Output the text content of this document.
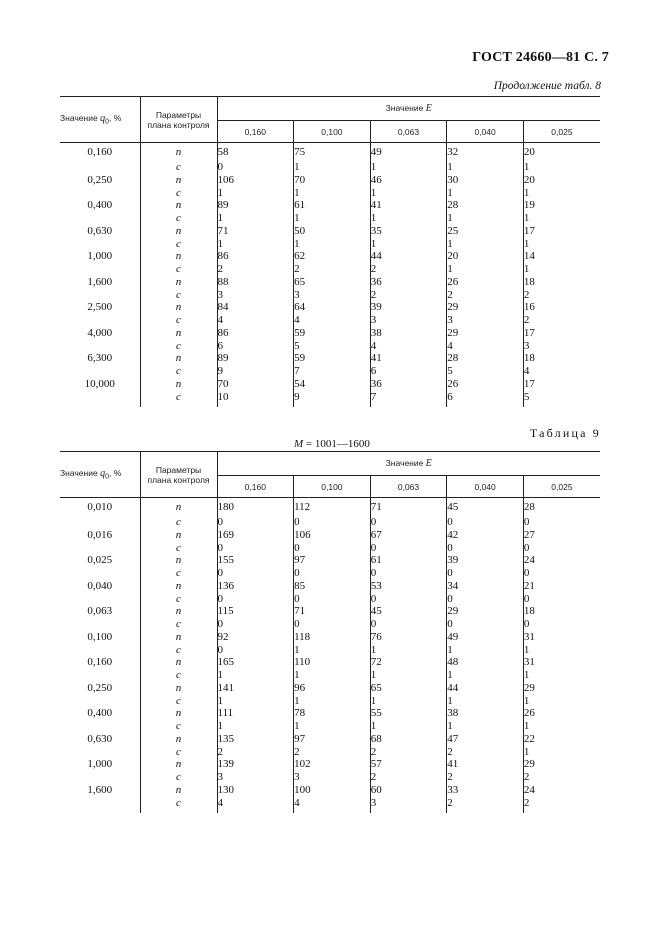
ГОСТ 24660—81 С. 7
Продолжение табл. 8
Значение $q_0$, %	Параметры
плана контроля	Значение E				
		0,160	0,100	0,063	0,040	0,025
0,160	n	58	75	49	32	20
	c	0	1	1	1	1
0,250	n	106	70	46	30	20
	c	1	1	1	1	1
0,400	n	89	61	41	28	19
	c	1	1	1	1	1
0,630	n	71	50	35	25	17
	c	1	1	1	1	1
1,000	n	86	62	44	20	14
	c	2	2	2	1	1
1,600	n	88	65	36	26	18
	c	3	3	2	2	2
2,500	n	84	64	39	29	16
	c	4	4	3	3	2
4,000	n	86	59	38	29	17
	c	6	5	4	4	3
6,300	n	89	59	41	28	18
	c	9	7	6	5	4
10,000	n	70	54	36	26	17
	c	10	9	7	6	5
Таблица 9
M = 1001—1600
Значение $q_0$, %	Параметры
плана контроля	Значение E				
		0,160	0,100	0,063	0,040	0,025
0,010	n	180	112	71	45	28
	c	0	0	0	0	0
0,016	n	169	106	67	42	27
	c	0	0	0	0	0
0,025	n	155	97	61	39	24
	c	0	0	0	0	0
0,040	n	136	85	53	34	21
	c	0	0	0	0	0
0,063	n	115	71	45	29	18
	c	0	0	0	0	0
0,100	n	92	118	76	49	31
	c	0	1	1	1	1
0,160	n	165	110	72	48	31
	c	1	1	1	1	1
0,250	n	141	96	65	44	29
	c	1	1	1	1	1
0,400	n	111	78	55	38	26
	c	1	1	1	1	1
0,630	n	135	97	68	47	22
	c	2	2	2	2	1
1,000	n	139	102	57	41	29
	c	3	3	2	2	2
1,600	n	130	100	60	33	24
	c	4	4	3	2	2
